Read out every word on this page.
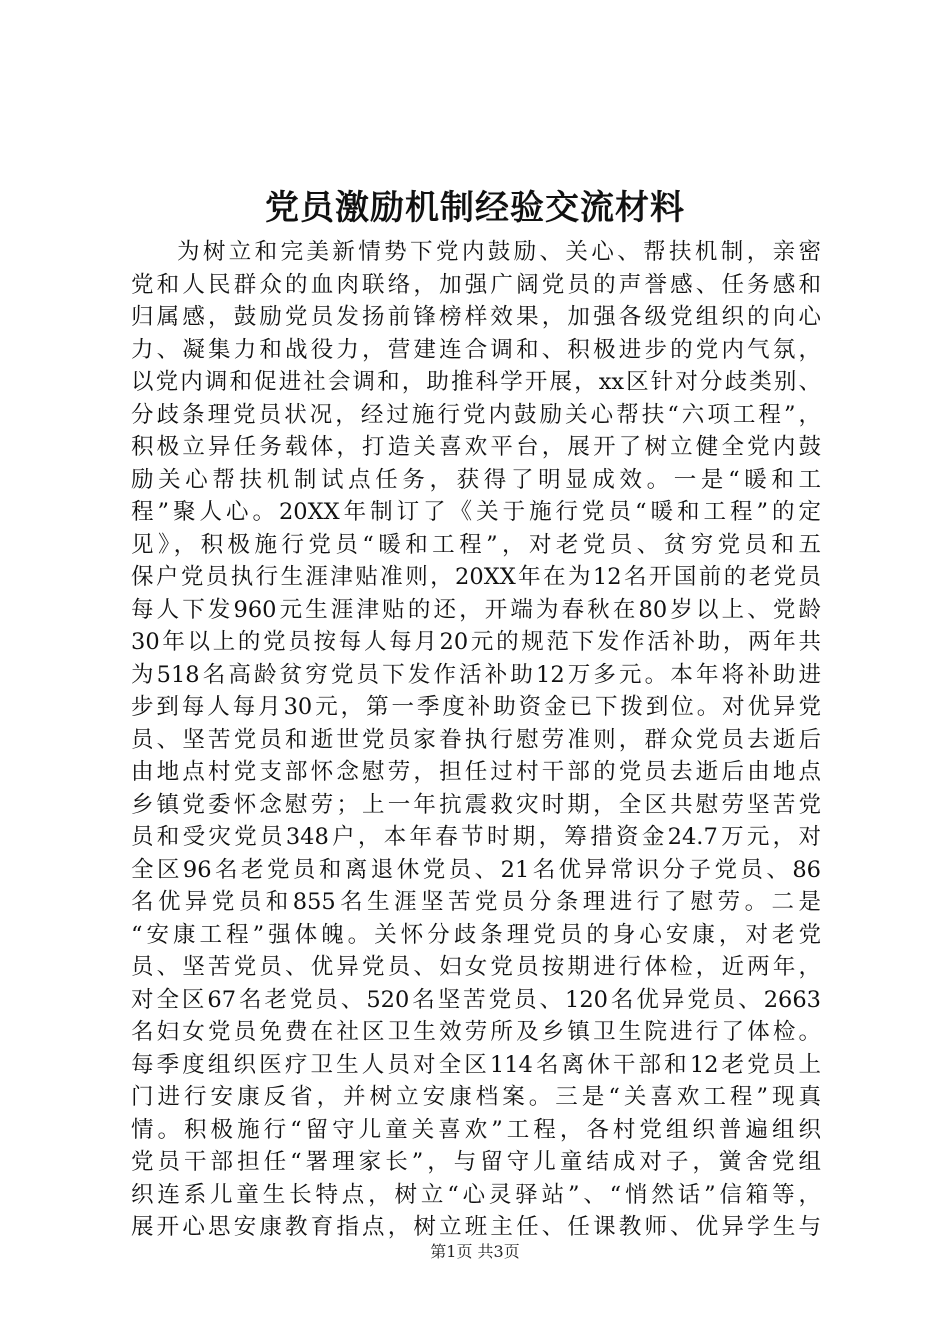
党员激励机制经验交流材料
为树立和完美新情势下党内鼓励、关心、帮扶机制，亲密
党和人民群众的血肉联络，加强广阔党员的声誉感、任务感和
归属感，鼓励党员发扬前锋榜样效果，加强各级党组织的向心
力、凝集力和战役力，营建连合调和、积极进步的党内气氛，
以党内调和促进社会调和，助推科学开展，xx区针对分歧类别、
分歧条理党员状况，经过施行党内鼓励关心帮扶“六项工程”，
积极立异任务载体，打造关喜欢平台，展开了树立健全党内鼓
励关心帮扶机制试点任务，获得了明显成效。一是“暖和工
程”聚人心。20XX年制订了《关于施行党员“暖和工程”的定
见》，积极施行党员“暖和工程”，对老党员、贫穷党员和五
保户党员执行生涯津贴准则，20XX年在为12名开国前的老党员
每人下发960元生涯津贴的还，开端为春秋在80岁以上、党龄
30年以上的党员按每人每月20元的规范下发作活补助，两年共
为518名高龄贫穷党员下发作活补助12万多元。本年将补助进
步到每人每月30元，第一季度补助资金已下拨到位。对优异党
员、坚苦党员和逝世党员家眷执行慰劳准则，群众党员去逝后
由地点村党支部怀念慰劳，担任过村干部的党员去逝后由地点
乡镇党委怀念慰劳；上一年抗震救灾时期，全区共慰劳坚苦党
员和受灾党员348户，本年春节时期，筹措资金24.7万元，对
全区96名老党员和离退休党员、21名优异常识分子党员、86
名优异党员和855名生涯坚苦党员分条理进行了慰劳。二是
“安康工程”强体魄。关怀分歧条理党员的身心安康，对老党
员、坚苦党员、优异党员、妇女党员按期进行体检，近两年，
对全区67名老党员、520名坚苦党员、120名优异党员、2663
名妇女党员免费在社区卫生效劳所及乡镇卫生院进行了体检。
每季度组织医疗卫生人员对全区114名离休干部和12老党员上
门进行安康反省，并树立安康档案。三是“关喜欢工程”现真
情。积极施行“留守儿童关喜欢”工程，各村党组织普遍组织
党员干部担任“署理家长”，与留守儿童结成对子，黉舍党组
织连系儿童生长特点，树立“心灵驿站”、“悄然话”信箱等，
展开心思安康教育指点，树立班主任、任课教师、优异学生与
第1页 共3页
